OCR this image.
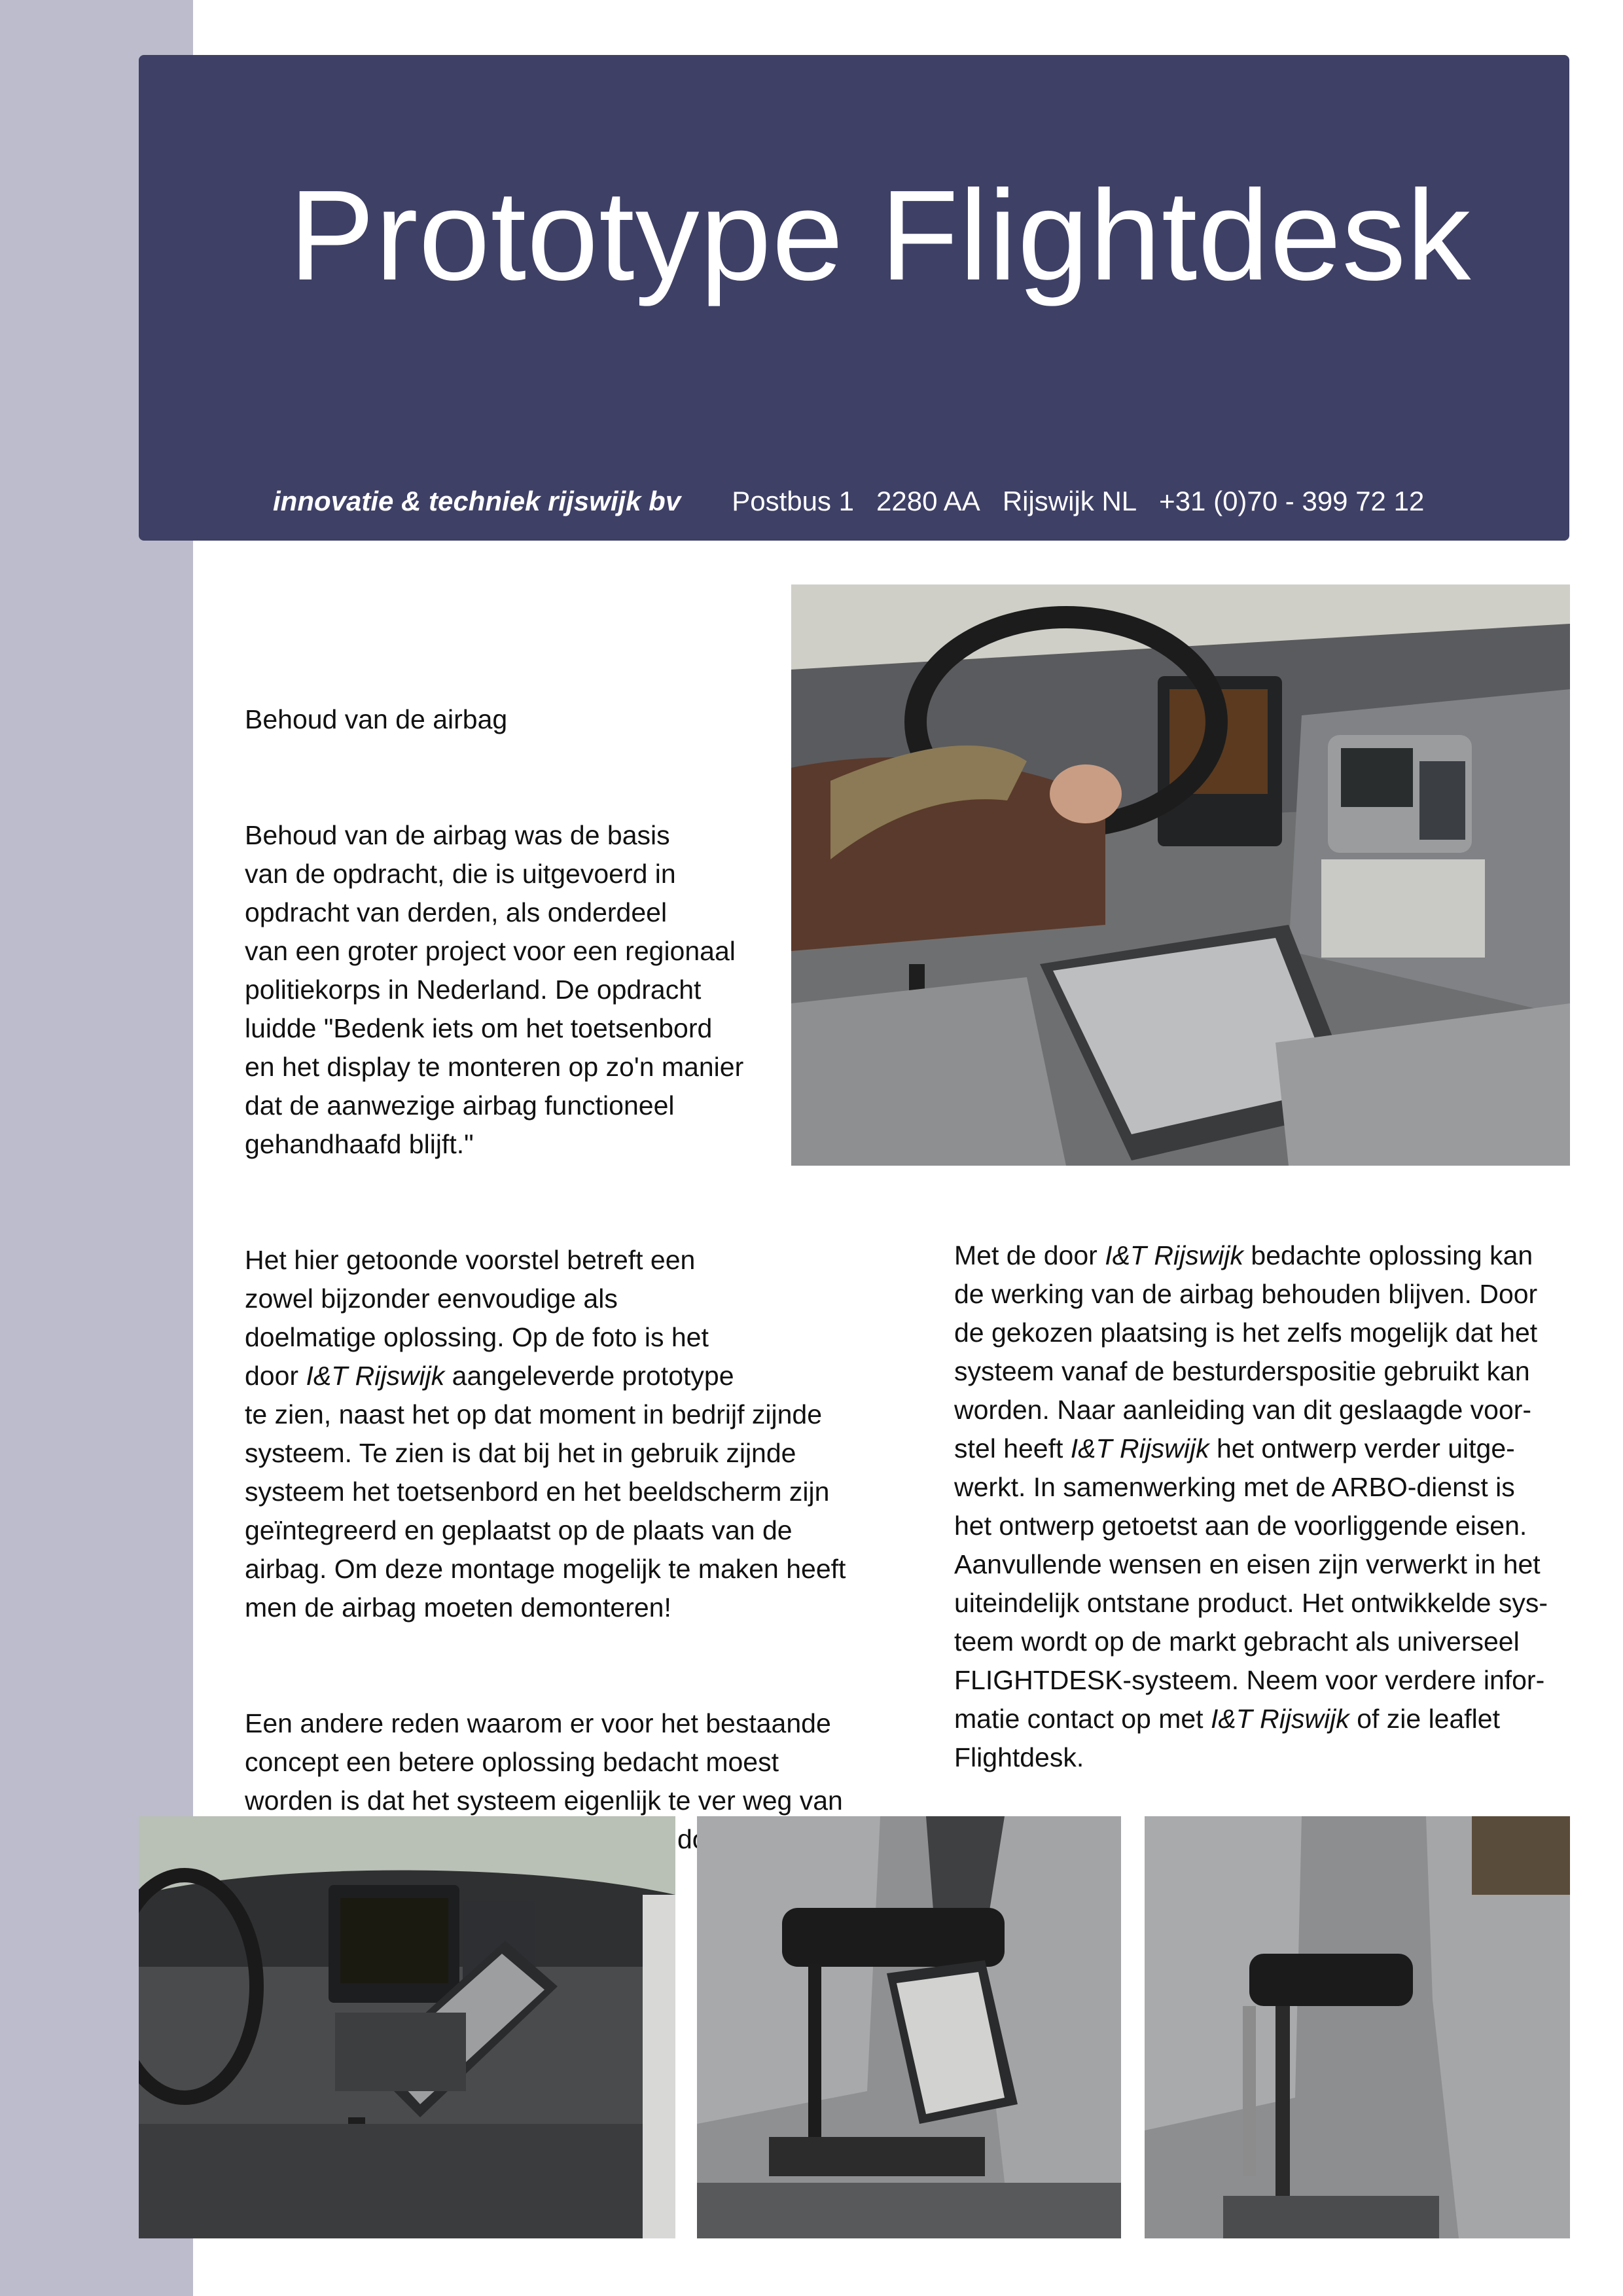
Prototype Flightdesk
innovatie & techniek rijswijk bv Postbus 1 2280 AA Rijswijk NL +31 (0)70 - 399 72 12

Behoud van de airbag

Behoud van de airbag was de basis
van de opdracht, die is uitgevoerd in
opdracht van derden, als onderdeel
van een groter project voor een regionaal
politiekorps in Nederland. De opdracht
luidde "Bedenk iets om het toetsenbord
en het display te monteren op zo'n manier
dat de aanwezige airbag functioneel
gehandhaafd blijft."

Het hier getoonde voorstel betreft een
zowel bijzonder eenvoudige als
doelmatige oplossing. Op de foto is het
door I&T Rijswijk aangeleverde prototype
te zien, naast het op dat moment in bedrijf zijnde
systeem. Te zien is dat bij het in gebruik zijnde
systeem het toetsenbord en het beeldscherm zijn
geïntegreerd en geplaatst op de plaats van de
airbag. Om deze montage mogelijk te maken heeft
men de airbag moeten demonteren!

Een andere reden waarom er voor het bestaande
concept een betere oplossing bedacht moest
worden is dat het systeem eigenlijk te ver weg van

Met de door I&T Rijswijk bedachte oplossing kan
de werking van de airbag behouden blijven. Door
de gekozen plaatsing is het zelfs mogelijk dat het
systeem vanaf de besturderspositie gebruikt kan
worden. Naar aanleiding van dit geslaagde voor-
stel heeft I&T Rijswijk het ontwerp verder uitge-
werkt. In samenwerking met de ARBO-dienst is
het ontwerp getoetst aan de voorliggende eisen.
Aanvullende wensen en eisen zijn verwerkt in het
uiteindelijk ontstane product. Het ontwikkelde sys-
teem wordt op de markt gebracht als universeel
FLIGHTDESK-systeem. Neem voor verdere infor-
matie contact op met I&T Rijswijk of zie leaflet
Flightdesk.
